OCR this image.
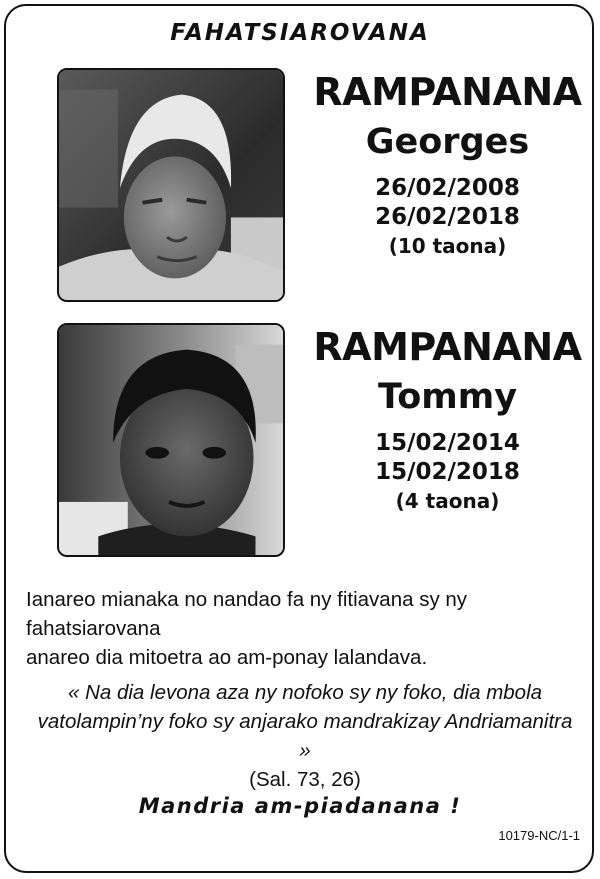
FAHATSIAROVANA
RAMPANANA
Georges
26/02/2008
26/02/2018
(10 taona)
RAMPANANA
Tommy
15/02/2014
15/02/2018
(4 taona)
Ianareo mianaka no nandao fa ny fitiavana sy ny fahatsiarovana
anareo dia mitoetra ao am-ponay lalandava.
« Na dia levona aza ny nofoko sy ny foko, dia mbola
vatolampin’ny foko sy anjarako mandrakizay Andriamanitra »
(Sal. 73, 26)
Mandria am-piadanana !
10179-NC/1-1
